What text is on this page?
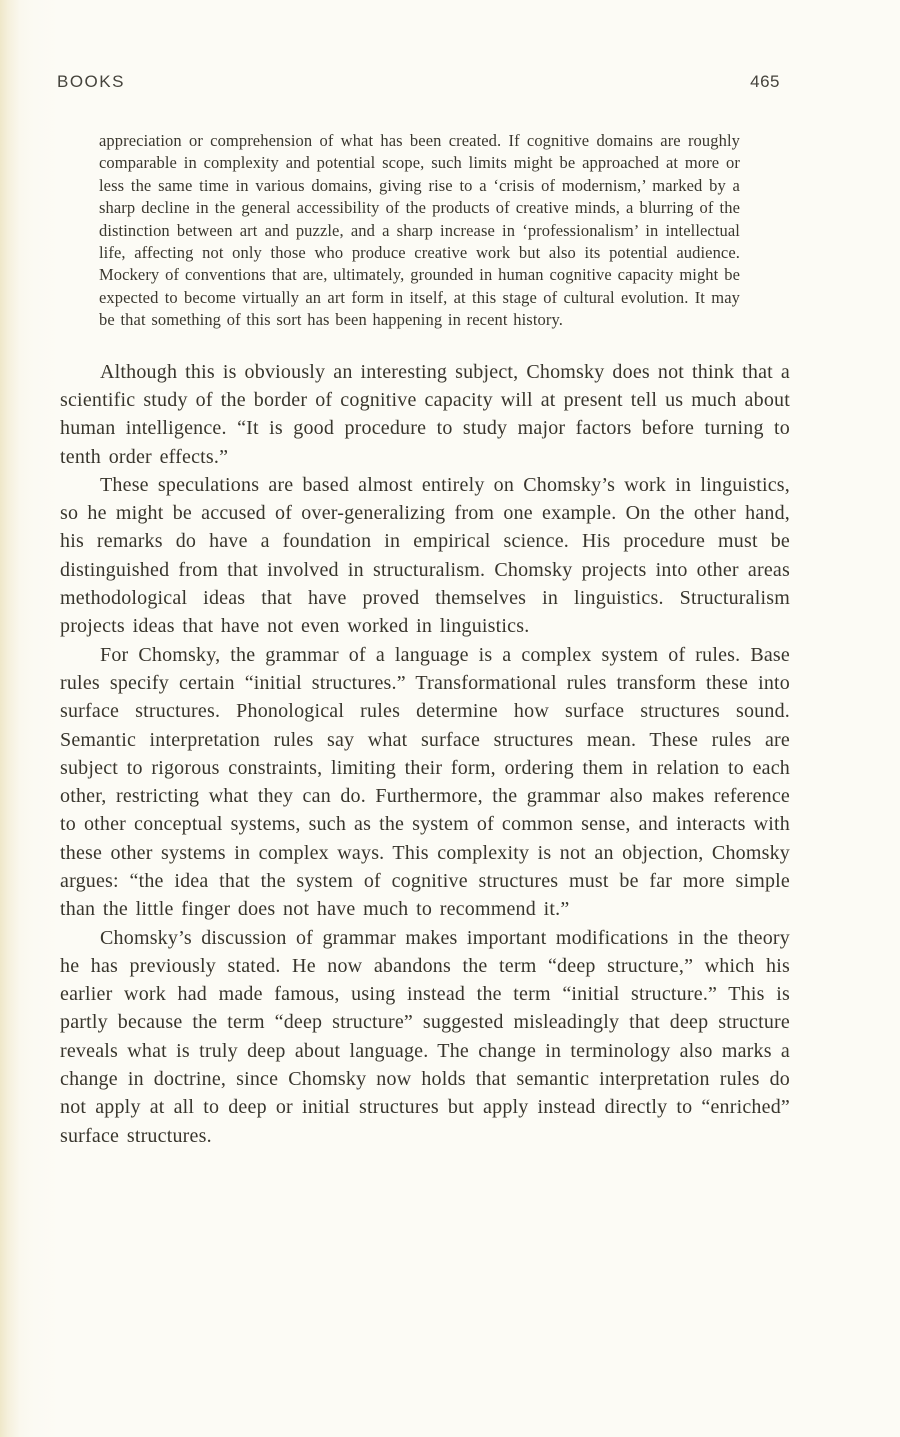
BOOKS	465
appreciation or comprehension of what has been created. If cognitive domains are roughly comparable in complexity and potential scope, such limits might be approached at more or less the same time in various domains, giving rise to a ‘crisis of modernism,’ marked by a sharp decline in the general accessibility of the products of creative minds, a blurring of the distinction between art and puzzle, and a sharp increase in ‘professionalism’ in intellectual life, affecting not only those who produce creative work but also its potential audience. Mockery of conventions that are, ultimately, grounded in human cognitive capacity might be expected to become virtually an art form in itself, at this stage of cultural evolution. It may be that something of this sort has been happening in recent history.

Although this is obviously an interesting subject, Chomsky does not think that a scientific study of the border of cognitive capacity will at present tell us much about human intelligence. “It is good procedure to study major factors before turning to tenth order effects.”

These speculations are based almost entirely on Chomsky’s work in linguistics, so he might be accused of over-generalizing from one example. On the other hand, his remarks do have a foundation in empirical science. His procedure must be distinguished from that involved in structuralism. Chomsky projects into other areas methodological ideas that have proved themselves in linguistics. Structuralism projects ideas that have not even worked in linguistics.

For Chomsky, the grammar of a language is a complex system of rules. Base rules specify certain “initial structures.” Transformational rules transform these into surface structures. Phonological rules determine how surface structures sound. Semantic interpretation rules say what surface structures mean. These rules are subject to rigorous constraints, limiting their form, ordering them in relation to each other, restricting what they can do. Furthermore, the grammar also makes reference to other conceptual systems, such as the system of common sense, and interacts with these other systems in complex ways. This complexity is not an objection, Chomsky argues: “the idea that the system of cognitive structures must be far more simple than the little finger does not have much to recommend it.”

Chomsky’s discussion of grammar makes important modifications in the theory he has previously stated. He now abandons the term “deep structure,” which his earlier work had made famous, using instead the term “initial structure.” This is partly because the term “deep structure” suggested misleadingly that deep structure reveals what is truly deep about language. The change in terminology also marks a change in doctrine, since Chomsky now holds that semantic interpretation rules do not apply at all to deep or initial structures but apply instead directly to “enriched” surface structures.
